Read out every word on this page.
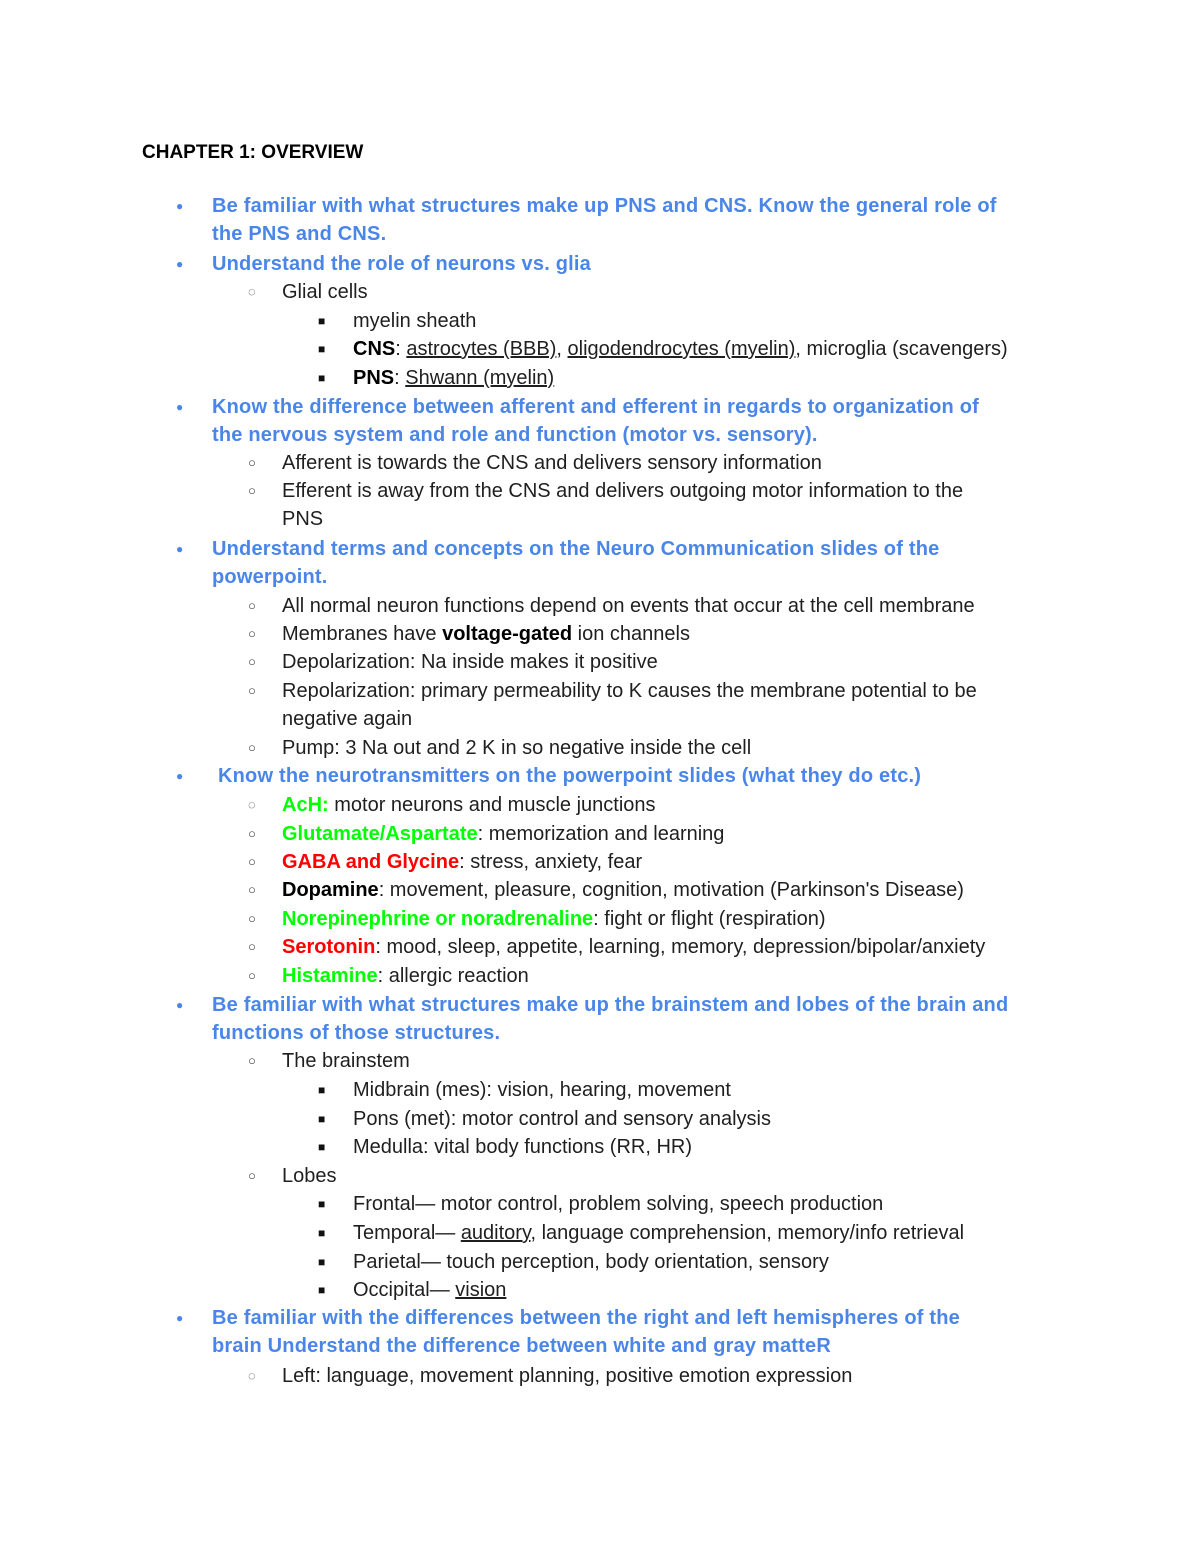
CHAPTER 1: OVERVIEW
● Be familiar with what structures make up PNS and CNS. Know the general role of
the PNS and CNS.
● Understand the role of neurons vs. glia
◌ Glial cells
■ myelin sheath
■ CNS: astrocytes (BBB), oligodendrocytes (myelin), microglia (scavengers)
■ PNS: Shwann (myelin)
● Know the difference between afferent and efferent in regards to organization of
the nervous system and role and function (motor vs. sensory).
○ Afferent is towards the CNS and delivers sensory information
○ Efferent is away from the CNS and delivers outgoing motor information to the
PNS
● Understand terms and concepts on the Neuro Communication slides of the
powerpoint.
○ All normal neuron functions depend on events that occur at the cell membrane
○ Membranes have voltage-gated ion channels
○ Depolarization: Na inside makes it positive
○ Repolarization: primary permeability to K causes the membrane potential to be
negative again
○ Pump: 3 Na out and 2 K in so negative inside the cell
● Know the neurotransmitters on the powerpoint slides (what they do etc.)
◌ AcH: motor neurons and muscle junctions
○ Glutamate/Aspartate: memorization and learning
○ GABA and Glycine: stress, anxiety, fear
○ Dopamine: movement, pleasure, cognition, motivation (Parkinson's Disease)
○ Norepinephrine or noradrenaline: fight or flight (respiration)
○ Serotonin: mood, sleep, appetite, learning, memory, depression/bipolar/anxiety
○ Histamine: allergic reaction
● Be familiar with what structures make up the brainstem and lobes of the brain and
functions of those structures.
○ The brainstem
■ Midbrain (mes): vision, hearing, movement
■ Pons (met): motor control and sensory analysis
■ Medulla: vital body functions (RR, HR)
○ Lobes
■ Frontal— motor control, problem solving, speech production
■ Temporal— auditory, language comprehension, memory/info retrieval
■ Parietal— touch perception, body orientation, sensory
■ Occipital— vision
● Be familiar with the differences between the right and left hemispheres of the
brain Understand the difference between white and gray matteR
◌ Left: language, movement planning, positive emotion expression
